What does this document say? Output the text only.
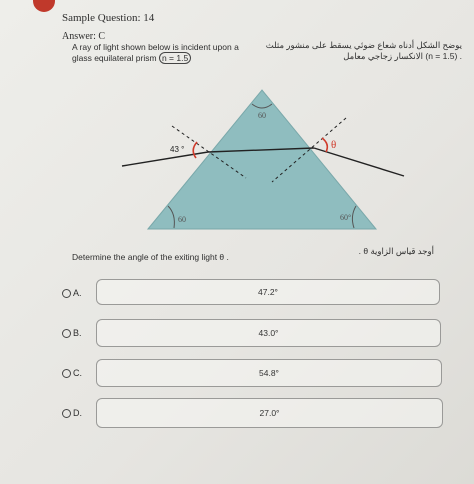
Sample Question: 14
Answer: C
A ray of light shown below is incident upon a
glass equilateral prism n = 1.5
يوضح الشكل أدناه شعاع ضوئي يسقط على منشور مثلث
. (n = 1.5) الانكسار زجاجي معامل
43 °	θ
60
60	60°
Determine the angle of the exiting light θ .
أوجد قياس الزاوية θ .
A.	47.2°
B.	43.0°
C.	54.8°
D.	27.0°
